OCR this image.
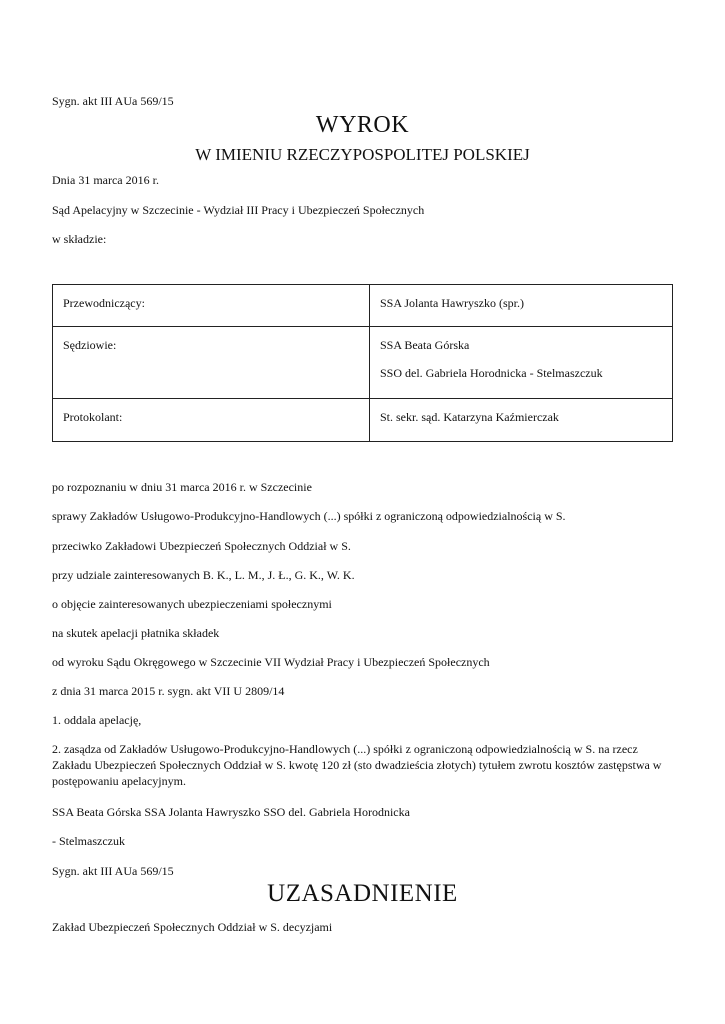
Sygn. akt III AUa 569/15
WYROK
W IMIENIU RZECZYPOSPOLITEJ POLSKIEJ
Dnia 31 marca 2016 r.
Sąd Apelacyjny w Szczecinie - Wydział III Pracy i Ubezpieczeń Społecznych
w składzie:
Przewodniczący:	SSA Jolanta Hawryszko (spr.)

Sędziowie:	SSA Beata Górska
SSO del. Gabriela Horodnicka - Stelmaszczuk

Protokolant:	St. sekr. sąd. Katarzyna Kaźmierczak
po rozpoznaniu w dniu 31 marca 2016 r. w Szczecinie
sprawy Zakładów Usługowo-Produkcyjno-Handlowych (...) spółki z ograniczoną odpowiedzialnością w S.
przeciwko Zakładowi Ubezpieczeń Społecznych Oddział w S.
przy udziale zainteresowanych B. K., L. M., J. Ł., G. K., W. K.
o objęcie zainteresowanych ubezpieczeniami społecznymi
na skutek apelacji płatnika składek
od wyroku Sądu Okręgowego w Szczecinie VII Wydział Pracy i Ubezpieczeń Społecznych
z dnia 31 marca 2015 r. sygn. akt VII U 2809/14
1. oddala apelację,
2. zasądza od Zakładów Usługowo-Produkcyjno-Handlowych (...) spółki z ograniczoną odpowiedzialnością w S. na rzecz Zakładu Ubezpieczeń Społecznych Oddział w S. kwotę 120 zł (sto dwadzieścia złotych) tytułem zwrotu kosztów zastępstwa w postępowaniu apelacyjnym.
SSA Beata Górska SSA Jolanta Hawryszko SSO del. Gabriela Horodnicka
- Stelmaszczuk
Sygn. akt III AUa 569/15
UZASADNIENIE
Zakład Ubezpieczeń Społecznych Oddział w S. decyzjami
